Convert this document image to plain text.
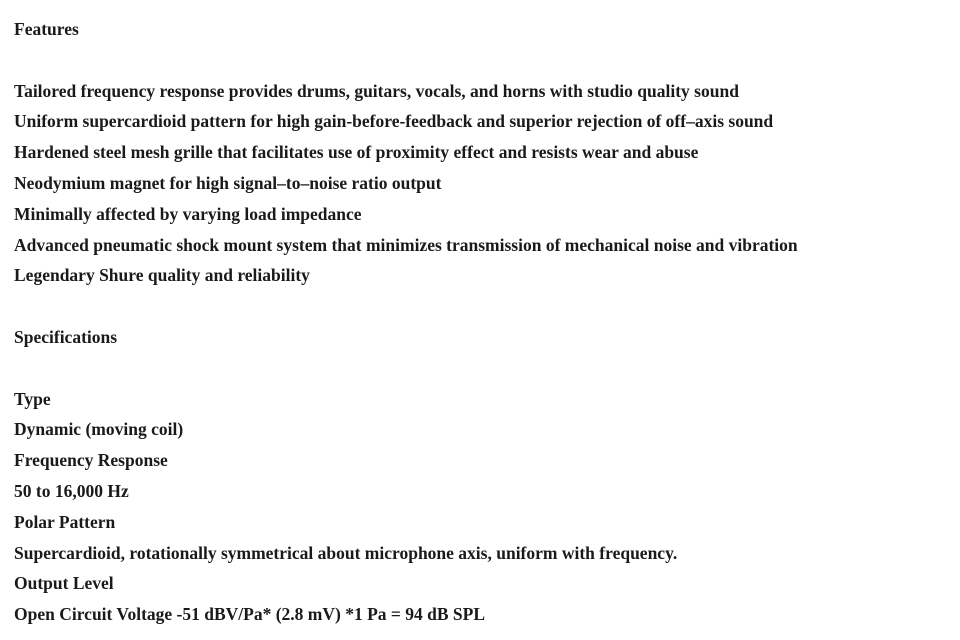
Features
Tailored frequency response provides drums, guitars, vocals, and horns with studio quality sound
Uniform supercardioid pattern for high gain-before-feedback and superior rejection of off–axis sound
Hardened steel mesh grille that facilitates use of proximity effect and resists wear and abuse
Neodymium magnet for high signal–to–noise ratio output
Minimally affected by varying load impedance
Advanced pneumatic shock mount system that minimizes transmission of mechanical noise and vibration
Legendary Shure quality and reliability
Specifications
Type
Dynamic (moving coil)
Frequency Response
50 to 16,000 Hz
Polar Pattern
Supercardioid, rotationally symmetrical about microphone axis, uniform with frequency.
Output Level
Open Circuit Voltage -51 dBV/Pa* (2.8 mV) *1 Pa = 94 dB SPL
